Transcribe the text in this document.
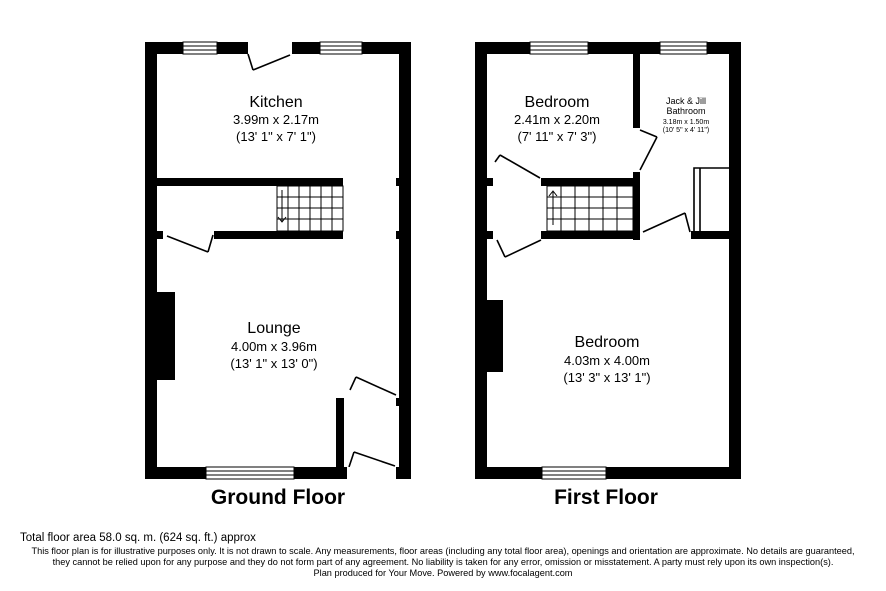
Kitchen
3.99m x 2.17m
(13' 1" x 7' 1")
Lounge
4.00m x 3.96m
(13' 1" x 13' 0")
Bedroom
2.41m x 2.20m
(7' 11" x 7' 3")
Jack & Jill
Bathroom
3.18m x 1.50m
(10' 5" x 4' 11")
Bedroom
4.03m x 4.00m
(13' 3" x 13' 1")
Ground Floor	First Floor
Total floor area 58.0 sq. m. (624 sq. ft.) approx
This floor plan is for illustrative purposes only. It is not drawn to scale. Any measurements, floor areas (including any total floor area), openings and orientation are approximate. No details are guaranteed,
they cannot be relied upon for any purpose and they do not form part of any agreement. No liability is taken for any error, omission or misstatement. A party must rely upon its own inspection(s).
Plan produced for Your Move. Powered by www.focalagent.com
